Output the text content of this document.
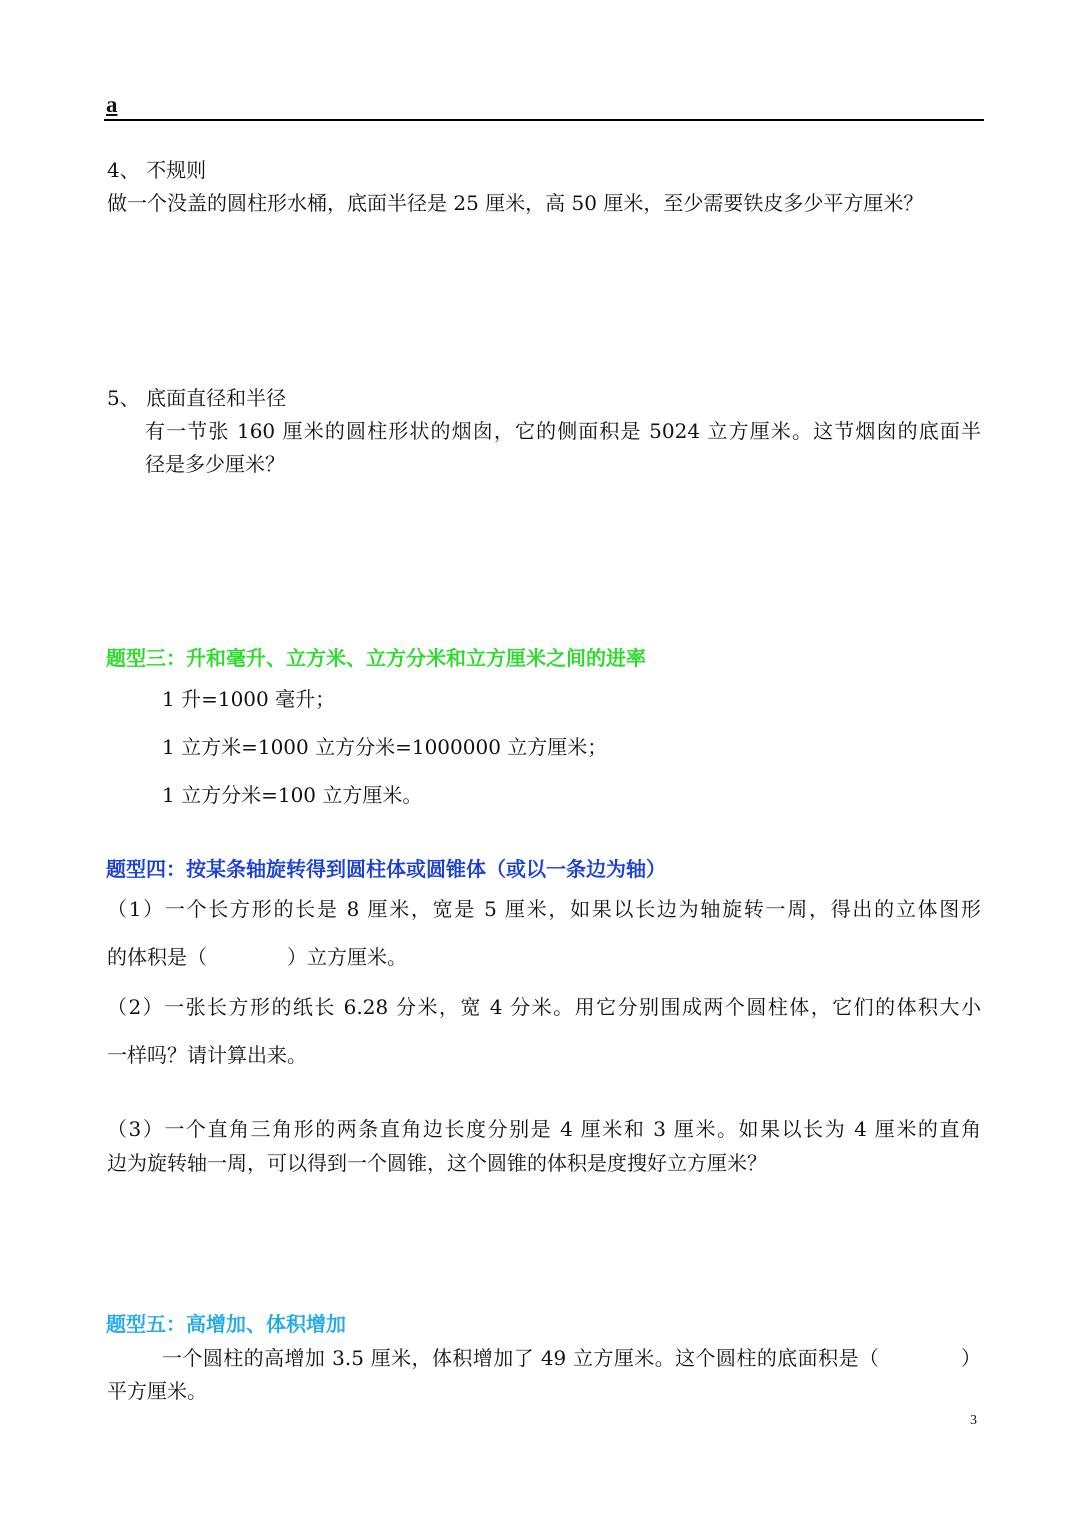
a
4、 不规则
做一个没盖的圆柱形水桶，底面半径是 25 厘米，高 50 厘米，至少需要铁皮多少平方厘米？
5、 底面直径和半径
有一节张 160 厘米的圆柱形状的烟囱，它的侧面积是 5024 立方厘米。这节烟囱的底面半
径是多少厘米？
题型三：升和毫升、立方米、立方分米和立方厘米之间的进率
1 升=1000 毫升；
1 立方米=1000 立方分米=1000000 立方厘米；
1 立方分米=100 立方厘米。
题型四：按某条轴旋转得到圆柱体或圆锥体（或以一条边为轴）
（1）一个长方形的长是 8 厘米，宽是 5 厘米，如果以长边为轴旋转一周，得出的立体图形
的体积是（　　　　）立方厘米。
（2）一张长方形的纸长 6.28 分米，宽 4 分米。用它分别围成两个圆柱体，它们的体积大小
一样吗？请计算出来。
（3）一个直角三角形的两条直角边长度分别是 4 厘米和 3 厘米。如果以长为 4 厘米的直角
边为旋转轴一周，可以得到一个圆锥，这个圆锥的体积是度搜好立方厘米？
题型五：高增加、体积增加
一个圆柱的高增加 3.5 厘米，体积增加了 49 立方厘米。这个圆柱的底面积是（　　　　）
平方厘米。
3
